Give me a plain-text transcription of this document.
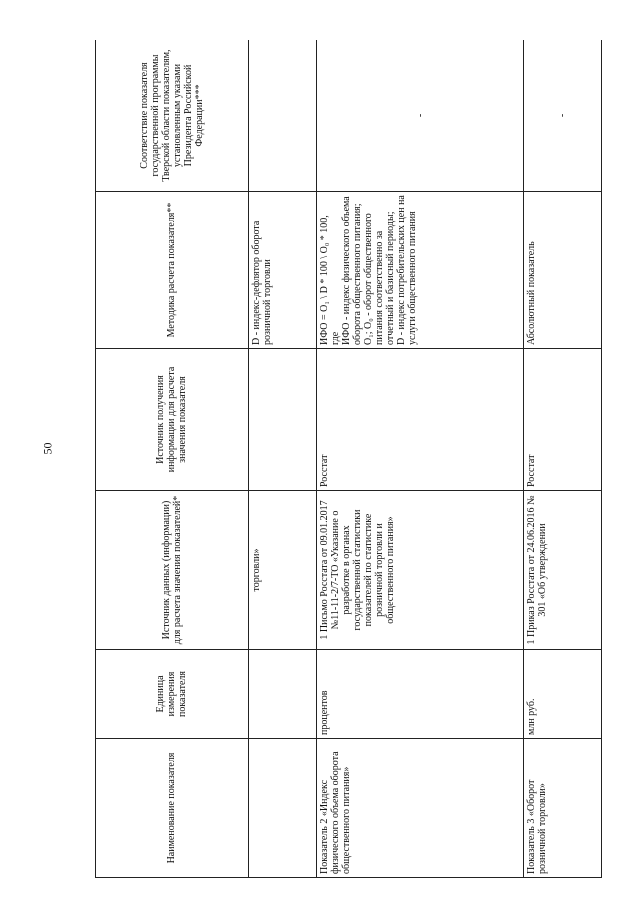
50
Наименование показателя	Единица измерения показателя	Источник данных (информации) для расчета значения показателей*	Источник получения информации для расчета значения показателя	Методика расчета показателя**	Соответствие показателя государственной программы Тверской области показателям, установленным указами Президента Российской Федерации***
		торговли»		D - индекс-дефлятор оборота розничной торговли	
Показатель 2 «Индекс физического объема оборота общественного питания»	процентов	1 Письмо Росстата от 09.01.2017 №11-11-2/7-ТО «Указание о разработке в органах государственной статистики показателей по статистике розничной торговли и общественного питания»	Росстат	ИФО = О₁ \ D * 100 \ О₀ * 100, где ИФО - индекс физического объема оборота общественного питания; О₁; О₀ - оборот общественного питания соответственно за отчетный и базисный периоды; D - индекс потребительских цен на услуги общественного питания	-
Показатель 3 «Оборот розничной торговли»	млн руб.	1 Приказ Росстата от 24.06.2016 № 301 «Об утверждении	Росстат	Абсолютный показатель	-
